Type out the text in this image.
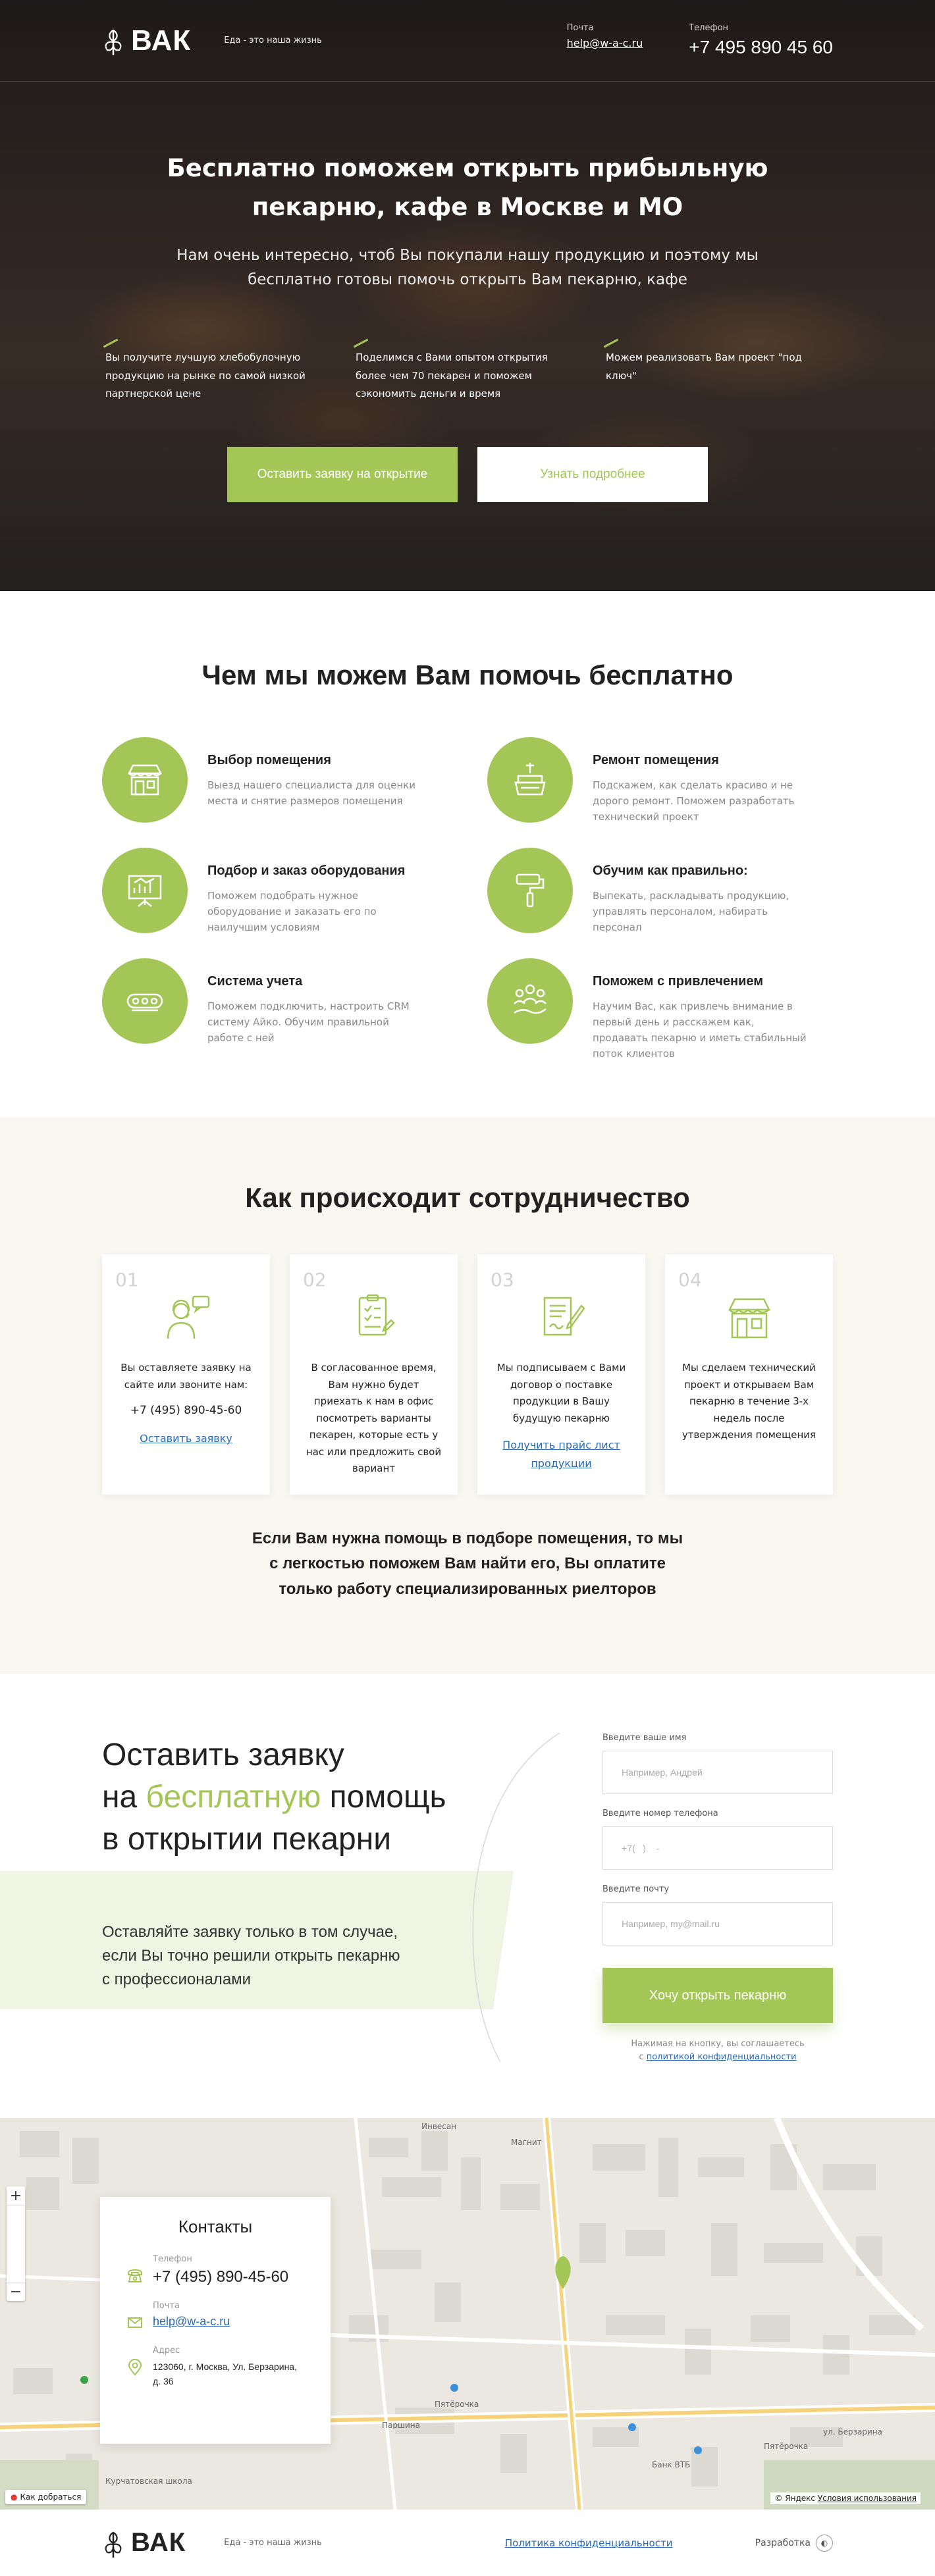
ВАК	Еда - это наша жизнь
Почта
help@w-a-c.ru
Телефон
+7 495 890 45 60
Бесплатно поможем открыть прибыльную
пекарню, кафе в Москве и МО

Нам очень интересно, чтоб Вы покупали нашу продукцию и поэтому мы
бесплатно готовы помочь открыть Вам пекарню, кафе

Вы получите лучшую хлебобулочную продукцию на рынке по самой низкой партнерской цене
Поделимся с Вами опытом открытия более чем 70 пекарен и поможем сэкономить деньги и время
Можем реализовать Вам проект "под ключ"
Оставить заявку на открытие	Узнать подробнее
Чем мы можем Вам помочь бесплатно
Выбор помещения

Выезд нашего специалиста для оценки места и снятие размеров помещения

Ремонт помещения

Подскажем, как сделать красиво и не дорого ремонт. Поможем разработать технический проект

Подбор и заказ оборудования

Поможем подобрать нужное оборудование и заказать его по наилучшим условиям

Обучим как правильно:

Выпекать, раскладывать продукцию, управлять персоналом, набирать персонал

Система учета

Поможем подключить, настроить CRM систему Айко. Обучим правильной работе с ней

Поможем с привлечением

Научим Вас, как привлечь внимание в первый день и расскажем как, продавать пекарню и иметь стабильный поток клиентов

Как происходит сотрудничество
01

Вы оставляете заявку на сайте или звоните нам:

+7 (495) 890-45-60

Оставить заявку
02

В согласованное время, Вам нужно будет приехать к нам в офис посмотреть варианты пекарен, которые есть у нас или предложить свой вариант

03

Мы подписываем с Вами договор о поставке продукции в Вашу будущую пекарню

Получить прайс лист продукции
04

Мы сделаем технический проект и открываем Вам пекарню в течение 3-х недель после утверждения помещения

Если Вам нужна помощь в подборе помещения, то мы
с легкостью поможем Вам найти его, Вы оплатите
только работу специализированных риелторов

Оставить заявку
на бесплатную помощь
в открытии пекарни

Оставляйте заявку только в том случае,
если Вы точно решили открыть пекарню
с профессионалами

Введите ваше имя
Например, Андрей
Введите номер телефона
+7( ) -
Введите почту
Например, my@mail.ru Хочу открыть пекарню

Нажимая на кнопку, вы соглашаетесь
с политикой конфиденциальности

Инвесан
Магнит
Пятёрочка
Паршина
ул. Берзарина
Банк ВТБ
Курчатовская школа
Пятёрочка
+
−
Контакты
Телефон
+7 (495) 890-45-60
Почта
help@w-a-c.ru
Адрес
123060, г. Москва, Ул. Берзарина, д. 36
● Как добраться	© Яндекс Условия использования
ВАК	Еда - это наша жизнь	Политика конфиденциальности	Разработка	◐
